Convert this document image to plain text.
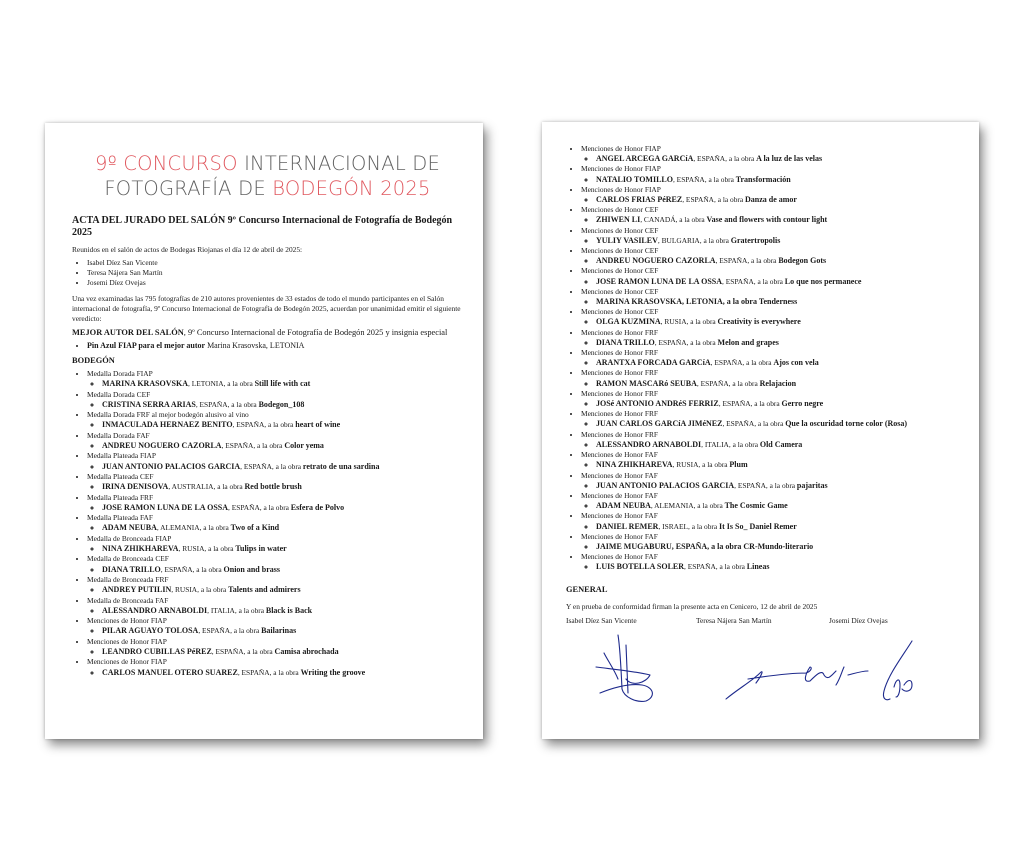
9º CONCURSO INTERNACIONAL DE
FOTOGRAFÍA DE BODEGÓN 2025
ACTA DEL JURADO DEL SALÓN 9º Concurso Internacional de Fotografía de Bodegón 2025

Reunidos en el salón de actos de Bodegas Riojanas el día 12 de abril de 2025:

• Isabel Díez San Vicente
• Teresa Nájera San Martín
• Josemi Díez Ovejas

Una vez examinadas las 795 fotografías de 210 autores provenientes de 33 estados de todo el mundo participantes en el Salón internacional de fotografía, 9º Concurso Internacional de Fotografía de Bodegón 2025, acuerdan por unanimidad emitir el siguiente veredicto:

MEJOR AUTOR DEL SALÓN, 9º Concurso Internacional de Fotografía de Bodegón 2025 y insignia especial
• Pin Azul FIAP para el mejor autor Marina Krasovska, LETONIA
BODEGÓN
• Medalla Dorada FIAP
◦ MARINA KRASOVSKA, LETONIA, a la obra Still life with cat
• Medalla Dorada CEF
◦ CRISTINA SERRA ARIAS, ESPAÑA, a la obra Bodegon_108
• Medalla Dorada FRF al mejor bodegón alusivo al vino
◦ INMACULADA HERNAEZ BENITO, ESPAÑA, a la obra heart of wine
• Medalla Dorada FAF
◦ ANDREU NOGUERO CAZORLA, ESPAÑA, a la obra Color yema
• Medalla Plateada FIAP
◦ JUAN ANTONIO PALACIOS GARCIA, ESPAÑA, a la obra retrato de una sardina
• Medalla Plateada CEF
◦ IRINA DENISOVA, AUSTRALIA, a la obra Red bottle brush
• Medalla Plateada FRF
◦ JOSE RAMON LUNA DE LA OSSA, ESPAÑA, a la obra Esfera de Polvo
• Medalla Plateada FAF
◦ ADAM NEUBA, ALEMANIA, a la obra Two of a Kind
• Medalla de Bronceada FIAP
◦ NINA ZHIKHAREVA, RUSIA, a la obra Tulips in water
• Medalla de Bronceada CEF
◦ DIANA TRILLO, ESPAÑA, a la obra Onion and brass
• Medalla de Bronceada FRF
◦ ANDREY PUTILIN, RUSIA, a la obra Talents and admirers
• Medalla de Bronceada FAF
◦ ALESSANDRO ARNABOLDI, ITALIA, a la obra Black is Back
• Menciones de Honor FIAP
◦ PILAR AGUAYO TOLOSA, ESPAÑA, a la obra Bailarinas
• Menciones de Honor FIAP
◦ LEANDRO CUBILLAS PéREZ, ESPAÑA, a la obra Camisa abrochada
• Menciones de Honor FIAP
◦ CARLOS MANUEL OTERO SUAREZ, ESPAÑA, a la obra Writing the groove
• Menciones de Honor FIAP
◦ ANGEL ARCEGA GARCíA, ESPAÑA, a la obra A la luz de las velas
• Menciones de Honor FIAP
◦ NATALIO TOMILLO, ESPAÑA, a la obra Transformación
• Menciones de Honor FIAP
◦ CARLOS FRIAS PéREZ, ESPAÑA, a la obra Danza de amor
• Menciones de Honor CEF
◦ ZHIWEN LI, CANADÁ, a la obra Vase and flowers with contour light
• Menciones de Honor CEF
◦ YULIY VASILEV, BULGARIA, a la obra Gratertropolis
• Menciones de Honor CEF
◦ ANDREU NOGUERO CAZORLA, ESPAÑA, a la obra Bodegon Gots
• Menciones de Honor CEF
◦ JOSE RAMON LUNA DE LA OSSA, ESPAÑA, a la obra Lo que nos permanece
• Menciones de Honor CEF
◦ MARINA KRASOVSKA, LETONIA, a la obra Tenderness
• Menciones de Honor CEF
◦ OLGA KUZMINA, RUSIA, a la obra Creativity is everywhere
• Menciones de Honor FRF
◦ DIANA TRILLO, ESPAÑA, a la obra Melon and grapes
• Menciones de Honor FRF
◦ ARANTXA FORCADA GARCíA, ESPAÑA, a la obra Ajos con vela
• Menciones de Honor FRF
◦ RAMON MASCARó SEUBA, ESPAÑA, a la obra Relajacion
• Menciones de Honor FRF
◦ JOSé ANTONIO ANDRéS FERRIZ, ESPAÑA, a la obra Gerro negre
• Menciones de Honor FRF
◦ JUAN CARLOS GARCíA JIMéNEZ, ESPAÑA, a la obra Que la oscuridad torne color (Rosa)
• Menciones de Honor FRF
◦ ALESSANDRO ARNABOLDI, ITALIA, a la obra Old Camera
• Menciones de Honor FAF
◦ NINA ZHIKHAREVA, RUSIA, a la obra Plum
• Menciones de Honor FAF
◦ JUAN ANTONIO PALACIOS GARCIA, ESPAÑA, a la obra pajaritas
• Menciones de Honor FAF
◦ ADAM NEUBA, ALEMANIA, a la obra The Cosmic Game
• Menciones de Honor FAF
◦ DANIEL REMER, ISRAEL, a la obra It Is So_ Daniel Remer
• Menciones de Honor FAF
◦ JAIME MUGABURU, ESPAÑA, a la obra CR-Mundo-literario
• Menciones de Honor FAF
◦ LUIS BOTELLA SOLER, ESPAÑA, a la obra Lineas
GENERAL

Y en prueba de conformidad firman la presente acta en Cenicero, 12 de abril de 2025

Isabel Díez San Vicente	Teresa Nájera San Martín	Josemi Díez Ovejas
